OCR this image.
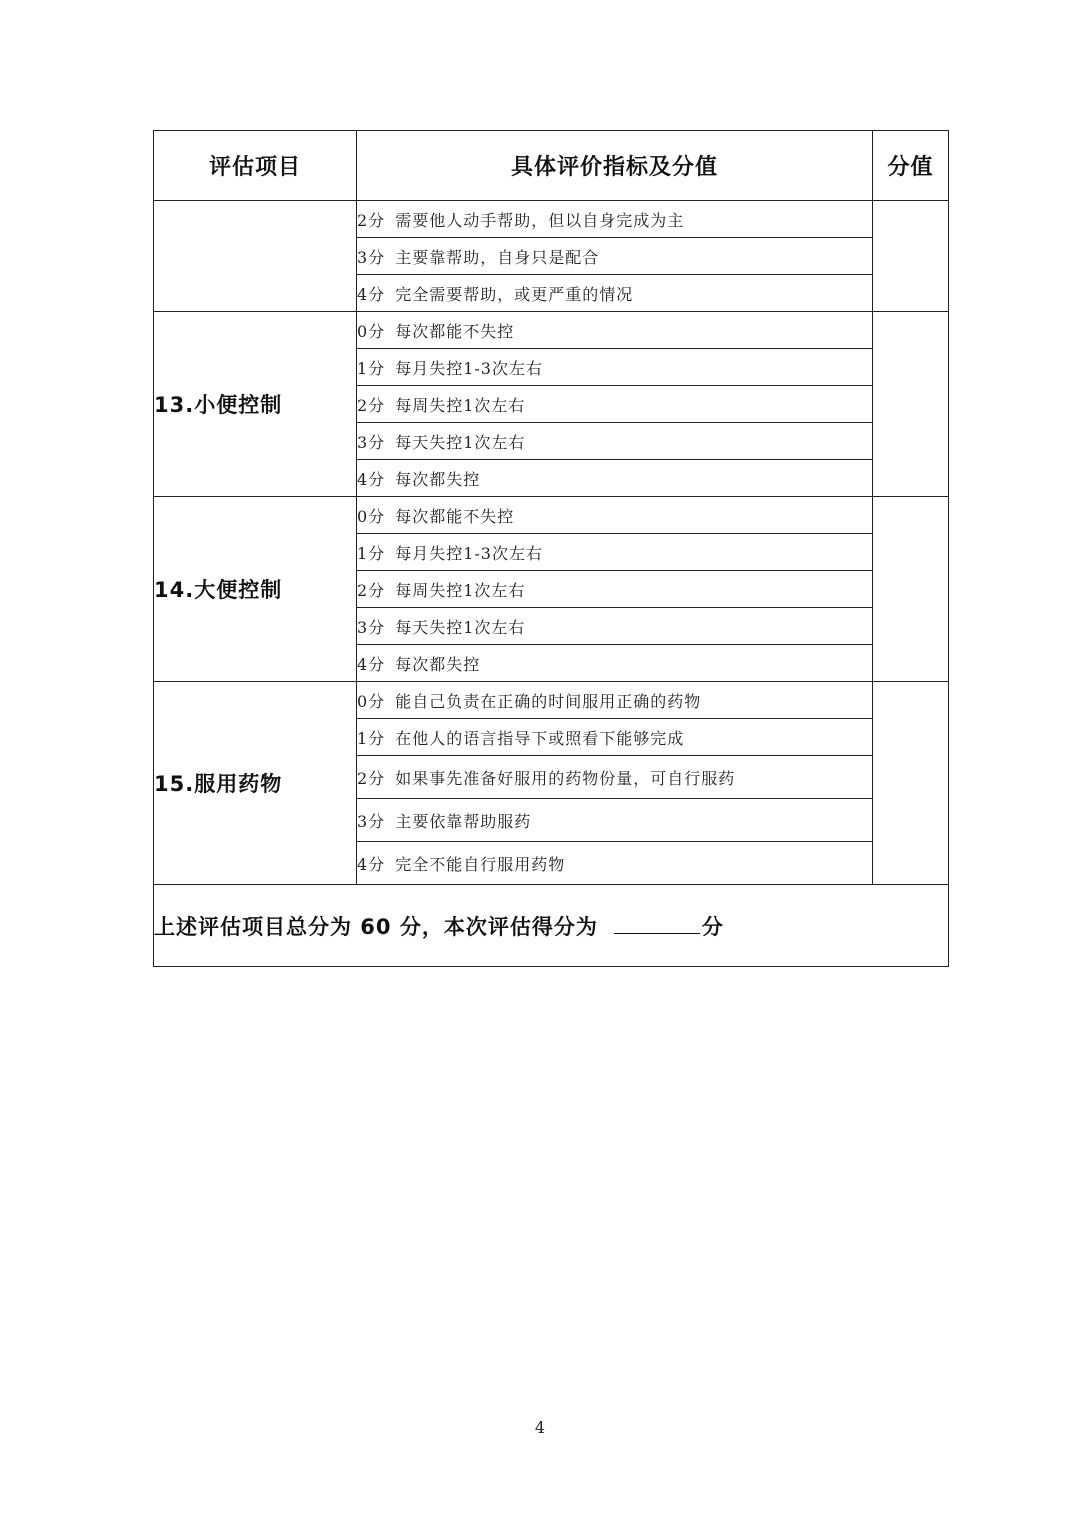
评估项目	具体评价指标及分值	分值
	2分 需要他人动手帮助，但以自身完成为主	
	3分 主要靠帮助，自身只是配合	
	4分 完全需要帮助，或更严重的情况	
13.小便控制	0分 每次都能不失控	
	1分 每月失控1-3次左右	
	2分 每周失控1次左右	
	3分 每天失控1次左右	
	4分 每次都失控	
14.大便控制	0分 每次都能不失控	
	1分 每月失控1-3次左右	
	2分 每周失控1次左右	
	3分 每天失控1次左右	
	4分 每次都失控	
15.服用药物	0分 能自己负责在正确的时间服用正确的药物	
	1分 在他人的语言指导下或照看下能够完成	
	2分 如果事先准备好服用的药物份量，可自行服药	
	3分 主要依靠帮助服药	
	4分 完全不能自行服用药物	
上述评估项目总分为 60 分，本次评估得分为 分		
4
